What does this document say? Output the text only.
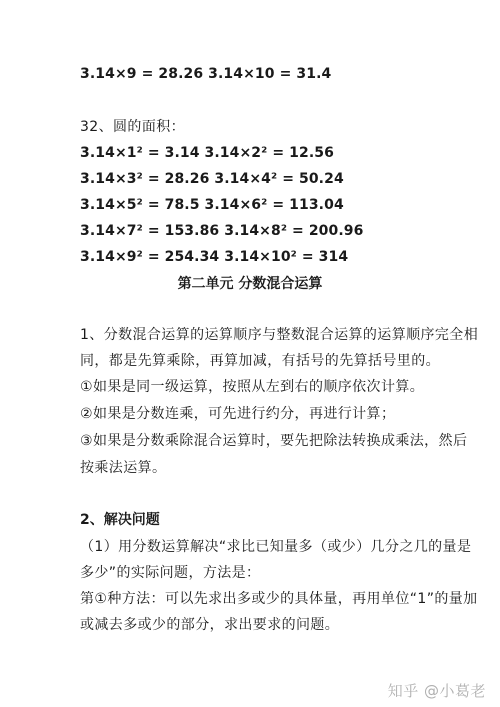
3.14×9 = 28.26 3.14×10 = 31.4
32、圆的面积：
3.14×1² = 3.14 3.14×2² = 12.56
3.14×3² = 28.26 3.14×4² = 50.24
3.14×5² = 78.5 3.14×6² = 113.04
3.14×7² = 153.86 3.14×8² = 200.96
3.14×9² = 254.34 3.14×10² = 314
第二单元 分数混合运算
1、分数混合运算的运算顺序与整数混合运算的运算顺序完全相
同，都是先算乘除，再算加减，有括号的先算括号里的。
①如果是同一级运算，按照从左到右的顺序依次计算。
②如果是分数连乘，可先进行约分，再进行计算；
③如果是分数乘除混合运算时，要先把除法转换成乘法，然后
按乘法运算。
2、解决问题
（1）用分数运算解决“求比已知量多（或少）几分之几的量是
多少”的实际问题，方法是：
第①种方法：可以先求出多或少的具体量，再用单位“1”的量加
或减去多或少的部分，求出要求的问题。
知乎 @小葛老
